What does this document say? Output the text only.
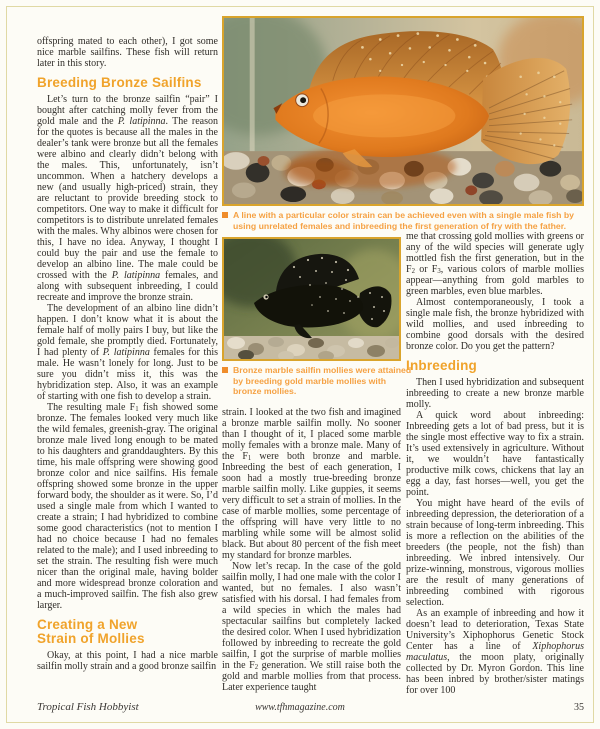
offspring mated to each other), I got some nice marble sailfins. These fish will return later in this story.

Breeding Bronze Sailfins

Let’s turn to the bronze sailfin “pair” I bought after catching molly fever from the gold male and the P. latipinna. The reason for the quotes is because all the males in the dealer’s tank were bronze but all the females were albino and clearly didn’t belong with the males. This, unfortunately, isn’t uncommon. When a hatchery develops a new (and usually high-priced) strain, they are reluctant to provide breeding stock to competitors. One way to make it difficult for competitors is to distribute unrelated females with the males. Why albinos were chosen for this, I have no idea. Anyway, I thought I could buy the pair and use the female to develop an albino line. The male could be crossed with the P. latipinna females, and along with subsequent inbreeding, I could recreate and improve the bronze strain.

The development of an albino line didn’t happen. I don’t know what it is about the female half of molly pairs I buy, but like the gold female, she promptly died. Fortunately, I had plenty of P. latipinna females for this male. He wasn’t lonely for long. Just to be sure you didn’t miss it, this was the hybridization step. Also, it was an example of starting with one fish to develop a strain.

The resulting male $F_1$ fish showed some bronze. The females looked very much like the wild females, greenish-gray. The original bronze male lived long enough to be mated to his daughters and granddaughters. By this time, his male offspring were showing good bronze color and nice sailfins. His female offspring showed some bronze in the upper forward body, the shoulder as it were. So, I’d used a single male from which I wanted to create a strain; I had hybridized to combine some good characteristics (not to mention I had no choice because I had no females related to the male); and I used inbreeding to set the strain. The resulting fish were much nicer than the original male, having bolder and more widespread bronze coloration and a much-improved sailfin. The fish also grew larger.

Creating a New
Strain of Mollies

Okay, at this point, I had a nice marble sailfin molly strain and a good bronze sailfin

A line with a particular color strain can be achieved even with a single male fish by using unrelated females and inbreeding the first generation of fry with the father.
Bronze marble sailfin mollies were attained by breeding gold marble mollies with bronze mollies.

strain. I looked at the two fish and imagined a bronze marble sailfin molly. No sooner than I thought of it, I placed some marble molly females with a bronze male. Many of the $F_1$ were both bronze and marble. Inbreeding the best of each generation, I soon had a mostly true-breeding bronze marble sailfin molly. Like guppies, it seems very difficult to set a strain of mollies. In the case of marble mollies, some percentage of the offspring will have very little to no marbling while some will be almost solid black. But about 80 percent of the fish meet my standard for bronze marbles.

Now let’s recap. In the case of the gold sailfin molly, I had one male with the color I wanted, but no females. I also wasn’t satisfied with his dorsal. I had females from a wild species in which the males had spectacular sailfins but completely lacked the desired color. When I used hybridization followed by inbreeding to recreate the gold sailfin, I got the surprise of marble mollies in the $F_2$ generation. We still raise both the gold and marble mollies from that process. Later experience taught

me that crossing gold mollies with greens or any of the wild species will generate ugly mottled fish the first generation, but in the $F_2$ or $F_3$, various colors of marble mollies appear—anything from gold marbles to green marbles, even blue marbles.

Almost contemporaneously, I took a single male fish, the bronze hybridized with wild mollies, and used inbreeding to combine good dorsals with the desired bronze color. Do you get the pattern?

Inbreeding

Then I used hybridization and subsequent inbreeding to create a new bronze marble molly.

A quick word about inbreeding: Inbreeding gets a lot of bad press, but it is the single most effective way to fix a strain. It’s used extensively in agriculture. Without it, we wouldn’t have fantastically productive milk cows, chickens that lay an egg a day, fast horses—well, you get the point.

You might have heard of the evils of inbreeding depression, the deterioration of a strain because of long-term inbreeding. This is more a reflection on the abilities of the breeders (the people, not the fish) than inbreeding. We inbred intensively. Our prize-winning, monstrous, vigorous mollies are the result of many generations of inbreeding combined with rigorous selection.

As an example of inbreeding and how it doesn’t lead to deterioration, Texas State University’s Xiphophorus Genetic Stock Center has a line of Xiphophorus maculatus, the moon platy, originally collected by Dr. Myron Gordon. This line has been inbred by brother/sister matings for over 100

Tropical Fish Hobbyist	www.tfhmagazine.com	35
